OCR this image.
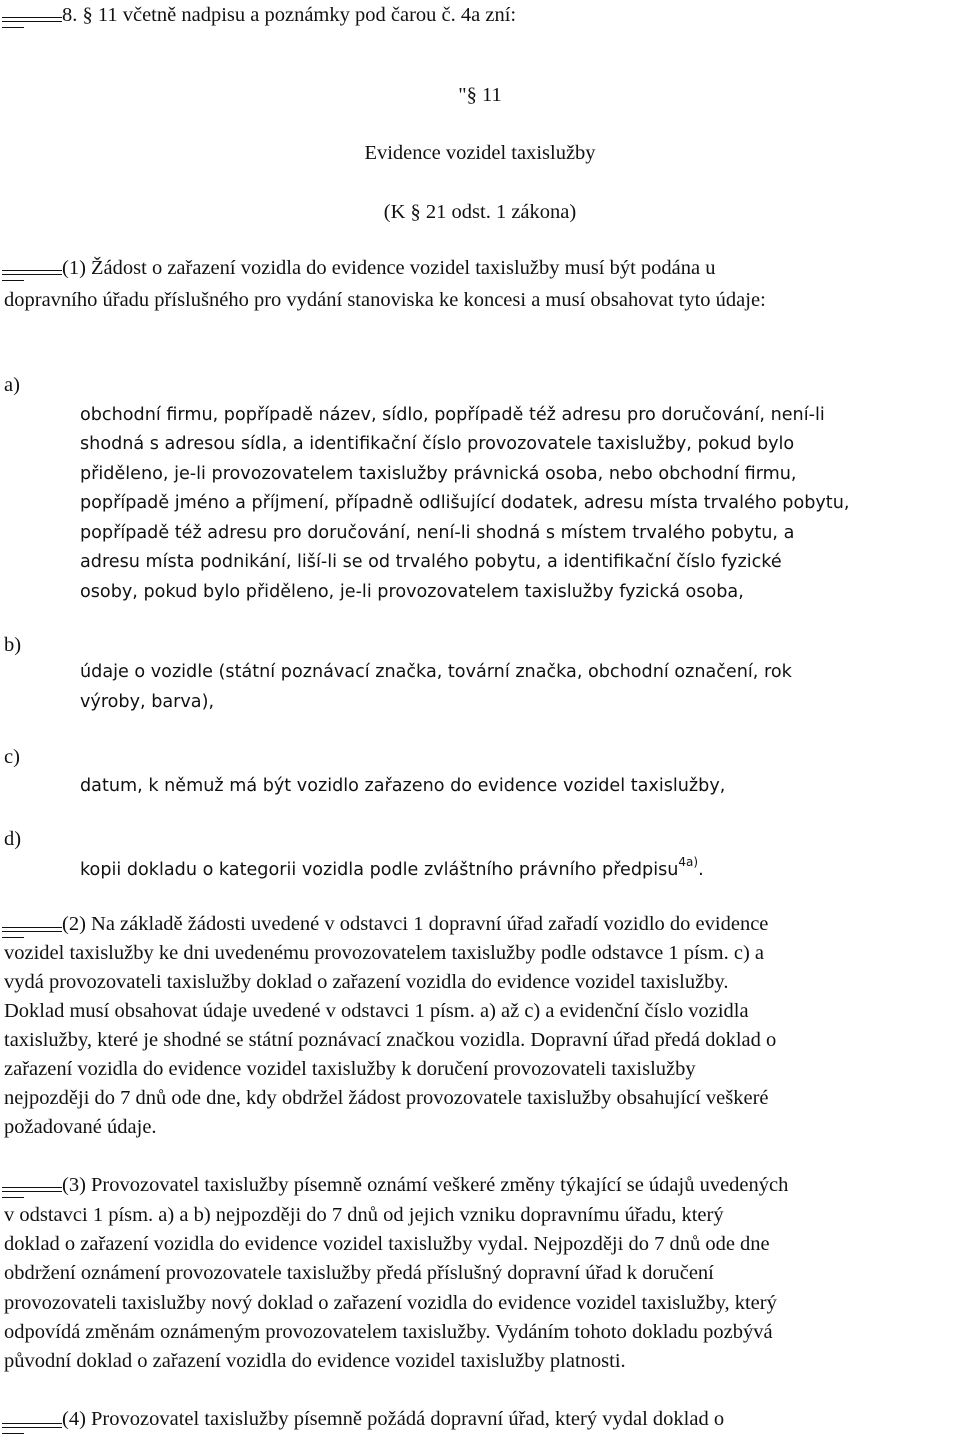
8. § 11 včetně nadpisu a poznámky pod čarou č. 4a zní:
"§ 11
Evidence vozidel taxislužby
(K § 21 odst. 1 zákona)
(1) Žádost o zařazení vozidla do evidence vozidel taxislužby musí být podána u
dopravního úřadu příslušného pro vydání stanoviska ke koncesi a musí obsahovat tyto údaje:
a)
obchodní firmu, popřípadě název, sídlo, popřípadě též adresu pro doručování, není-li
shodná s adresou sídla, a identifikační číslo provozovatele taxislužby, pokud bylo
přiděleno, je-li provozovatelem taxislužby právnická osoba, nebo obchodní firmu,
popřípadě jméno a příjmení, případně odlišující dodatek, adresu místa trvalého pobytu,
popřípadě též adresu pro doručování, není-li shodná s místem trvalého pobytu, a
adresu místa podnikání, liší-li se od trvalého pobytu, a identifikační číslo fyzické
osoby, pokud bylo přiděleno, je-li provozovatelem taxislužby fyzická osoba,
b)
údaje o vozidle (státní poznávací značka, tovární značka, obchodní označení, rok
výroby, barva),
c)
datum, k němuž má být vozidlo zařazeno do evidence vozidel taxislužby,
d)
kopii dokladu o kategorii vozidla podle zvláštního právního předpisu$^{4a)}$.
(2) Na základě žádosti uvedené v odstavci 1 dopravní úřad zařadí vozidlo do evidence
vozidel taxislužby ke dni uvedenému provozovatelem taxislužby podle odstavce 1 písm. c) a
vydá provozovateli taxislužby doklad o zařazení vozidla do evidence vozidel taxislužby.
Doklad musí obsahovat údaje uvedené v odstavci 1 písm. a) až c) a evidenční číslo vozidla
taxislužby, které je shodné se státní poznávací značkou vozidla. Dopravní úřad předá doklad o
zařazení vozidla do evidence vozidel taxislužby k doručení provozovateli taxislužby
nejpozději do 7 dnů ode dne, kdy obdržel žádost provozovatele taxislužby obsahující veškeré
požadované údaje.
(3) Provozovatel taxislužby písemně oznámí veškeré změny týkající se údajů uvedených
v odstavci 1 písm. a) a b) nejpozději do 7 dnů od jejich vzniku dopravnímu úřadu, který
doklad o zařazení vozidla do evidence vozidel taxislužby vydal. Nejpozději do 7 dnů ode dne
obdržení oznámení provozovatele taxislužby předá příslušný dopravní úřad k doručení
provozovateli taxislužby nový doklad o zařazení vozidla do evidence vozidel taxislužby, který
odpovídá změnám oznámeným provozovatelem taxislužby. Vydáním tohoto dokladu pozbývá
původní doklad o zařazení vozidla do evidence vozidel taxislužby platnosti.
(4) Provozovatel taxislužby písemně požádá dopravní úřad, který vydal doklad o
